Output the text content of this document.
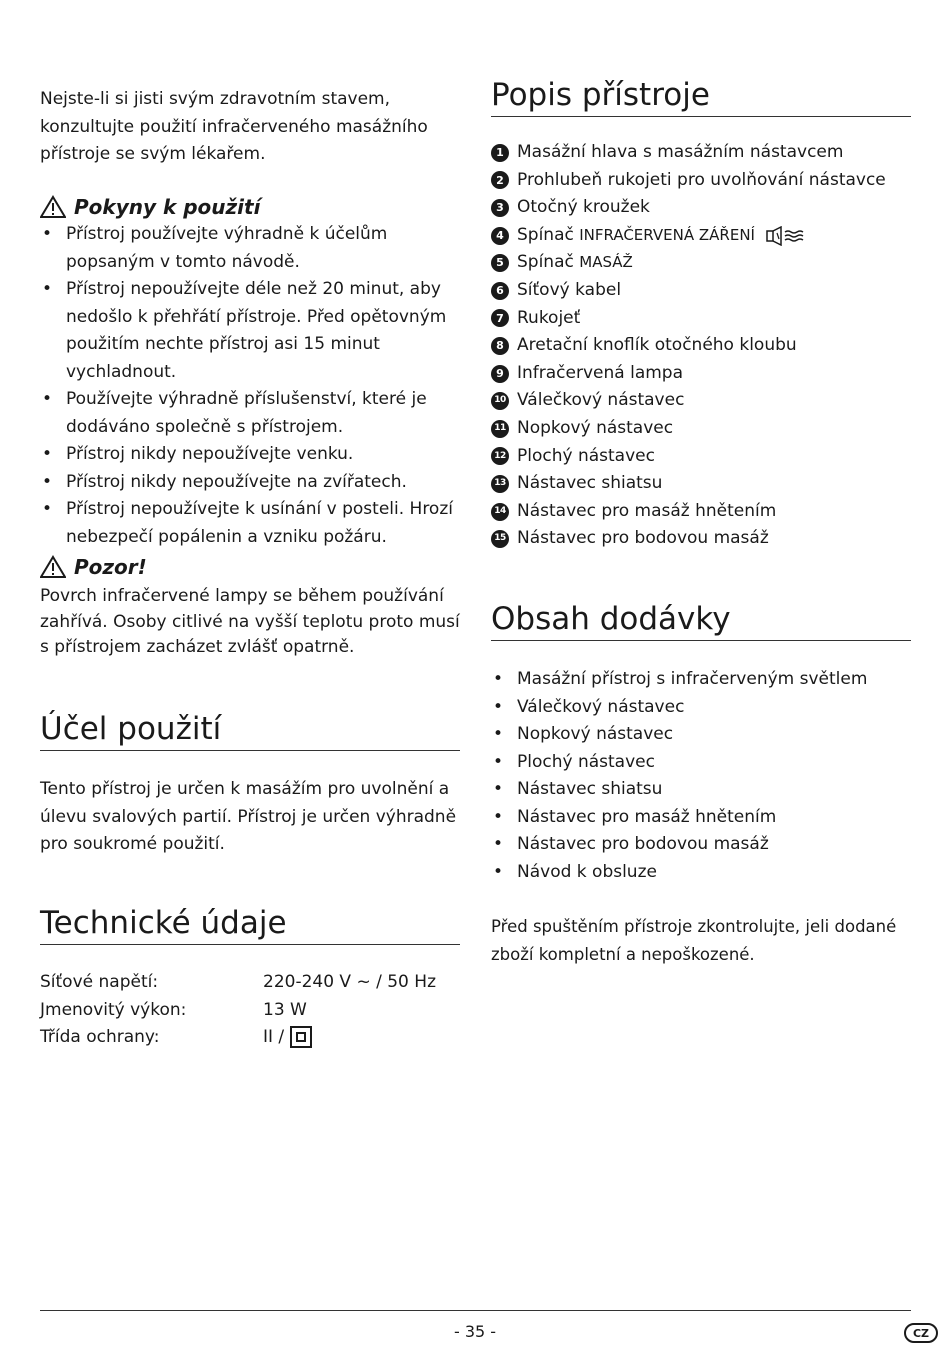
Nejste-li si jisti svým zdravotním stavem, konzultujte použití infračerveného masážního přístroje se svým lékařem.

Pokyny k použití
• Přístroj používejte výhradně k účelům popsaným v tomto návodě.
• Přístroj nepoužívejte déle než 20 minut, aby nedošlo k přehřátí přístroje. Před opětovným použitím nechte přístroj asi 15 minut vychladnout.
• Používejte výhradně příslušenství, které je dodáváno společně s přístrojem.
• Přístroj nikdy nepoužívejte venku.
• Přístroj nikdy nepoužívejte na zvířatech.
• Přístroj nepoužívejte k usínání v posteli. Hrozí nebezpečí popálenin a vzniku požáru.
Pozor!

Povrch infračervené lampy se během používání zahřívá. Osoby citlivé na vyšší teplotu proto musí s přístrojem zacházet zvlášť opatrně.

Účel použití

Tento přístroj je určen k masážím pro uvolnění a úlevu svalových partií. Přístroj je určen výhradně pro soukromé použití.

Technické údaje
Síťové napětí:	220-240 V ~ / 50 Hz
Jmenovitý výkon:	13 W
Třída ochrany:	II /
Popis přístroje
1 Masážní hlava s masážním nástavcem
2 Prohlubeň rukojeti pro uvolňování nástavce
3 Otočný kroužek
4 Spínač
INFRAČERVENÁ ZÁŘENÍ
5 Spínač
MASÁŽ
6 Síťový kabel
7 Rukojeť
8 Aretační knoflík otočného kloubu
9 Infračervená lampa
10 Válečkový nástavec
11 Nopkový nástavec
12 Plochý nástavec
13 Nástavec shiatsu
14 Nástavec pro masáž hnětením
15 Nástavec pro bodovou masáž
Obsah dodávky
• Masážní přístroj s infračerveným světlem
• Válečkový nástavec
• Nopkový nástavec
• Plochý nástavec
• Nástavec shiatsu
• Nástavec pro masáž hnětením
• Nástavec pro bodovou masáž
• Návod k obsluze

Před spuštěním přístroje zkontrolujte, jeli dodané zboží kompletní a nepoškozené.

- 35 -	CZ
